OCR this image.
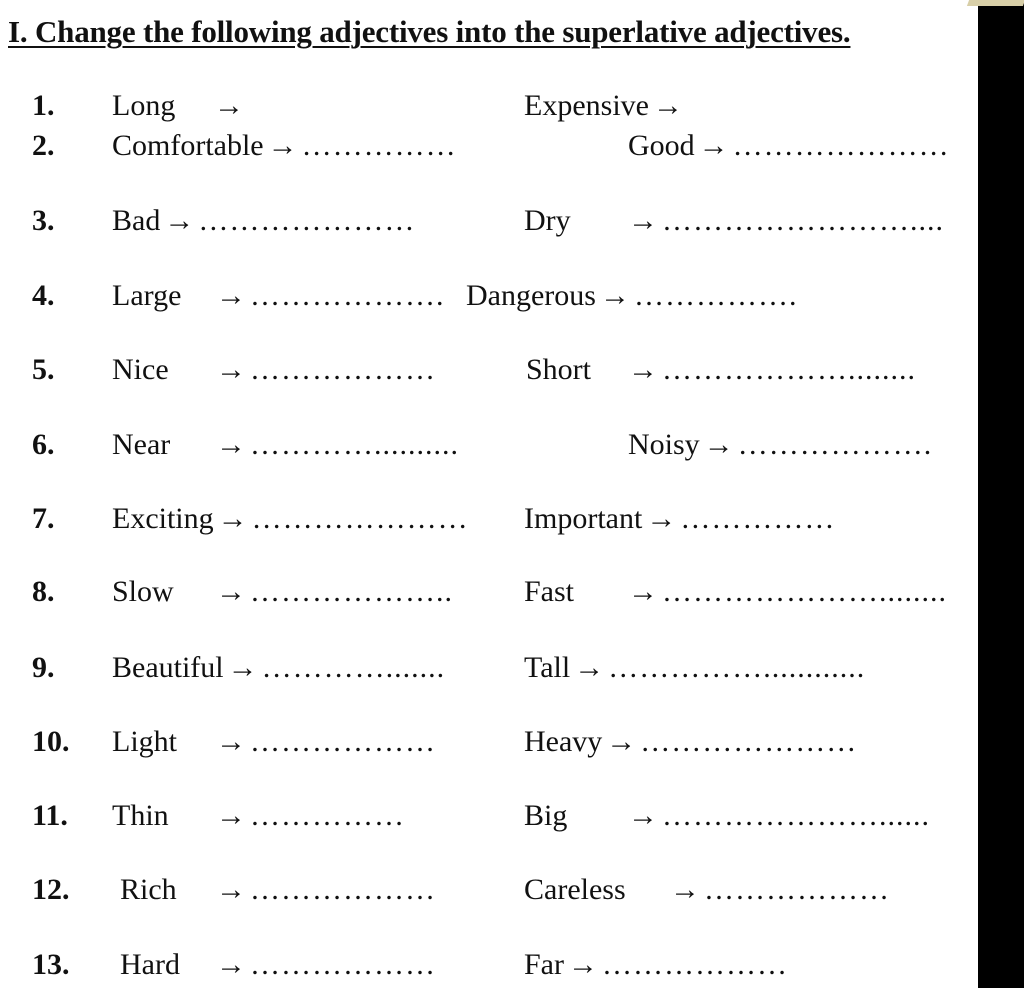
I. Change the following adjectives into the superlative adjectives.
1. Long →	Expensive →
2. Comfortable → ……………	Good → …………………
3. Bad → …………………	Dry → ……………………....
4. Large → ………………. Dangerous → …………….
5. Nice → ………………	Short → ………………........
6. Near → …………..........	Noisy → ……………….
7. Exciting → ………………… Important → ……………
8. Slow → ……………….. Fast → …………………........
9. Beautiful → ………….......	Tall → ……………............
10. Light → ………………	Heavy → …………………
11. Thin → ……………	Big → …………………......
12. Rich → ………………	Careless → ………………
13. Hard → ………………	Far → ………………
